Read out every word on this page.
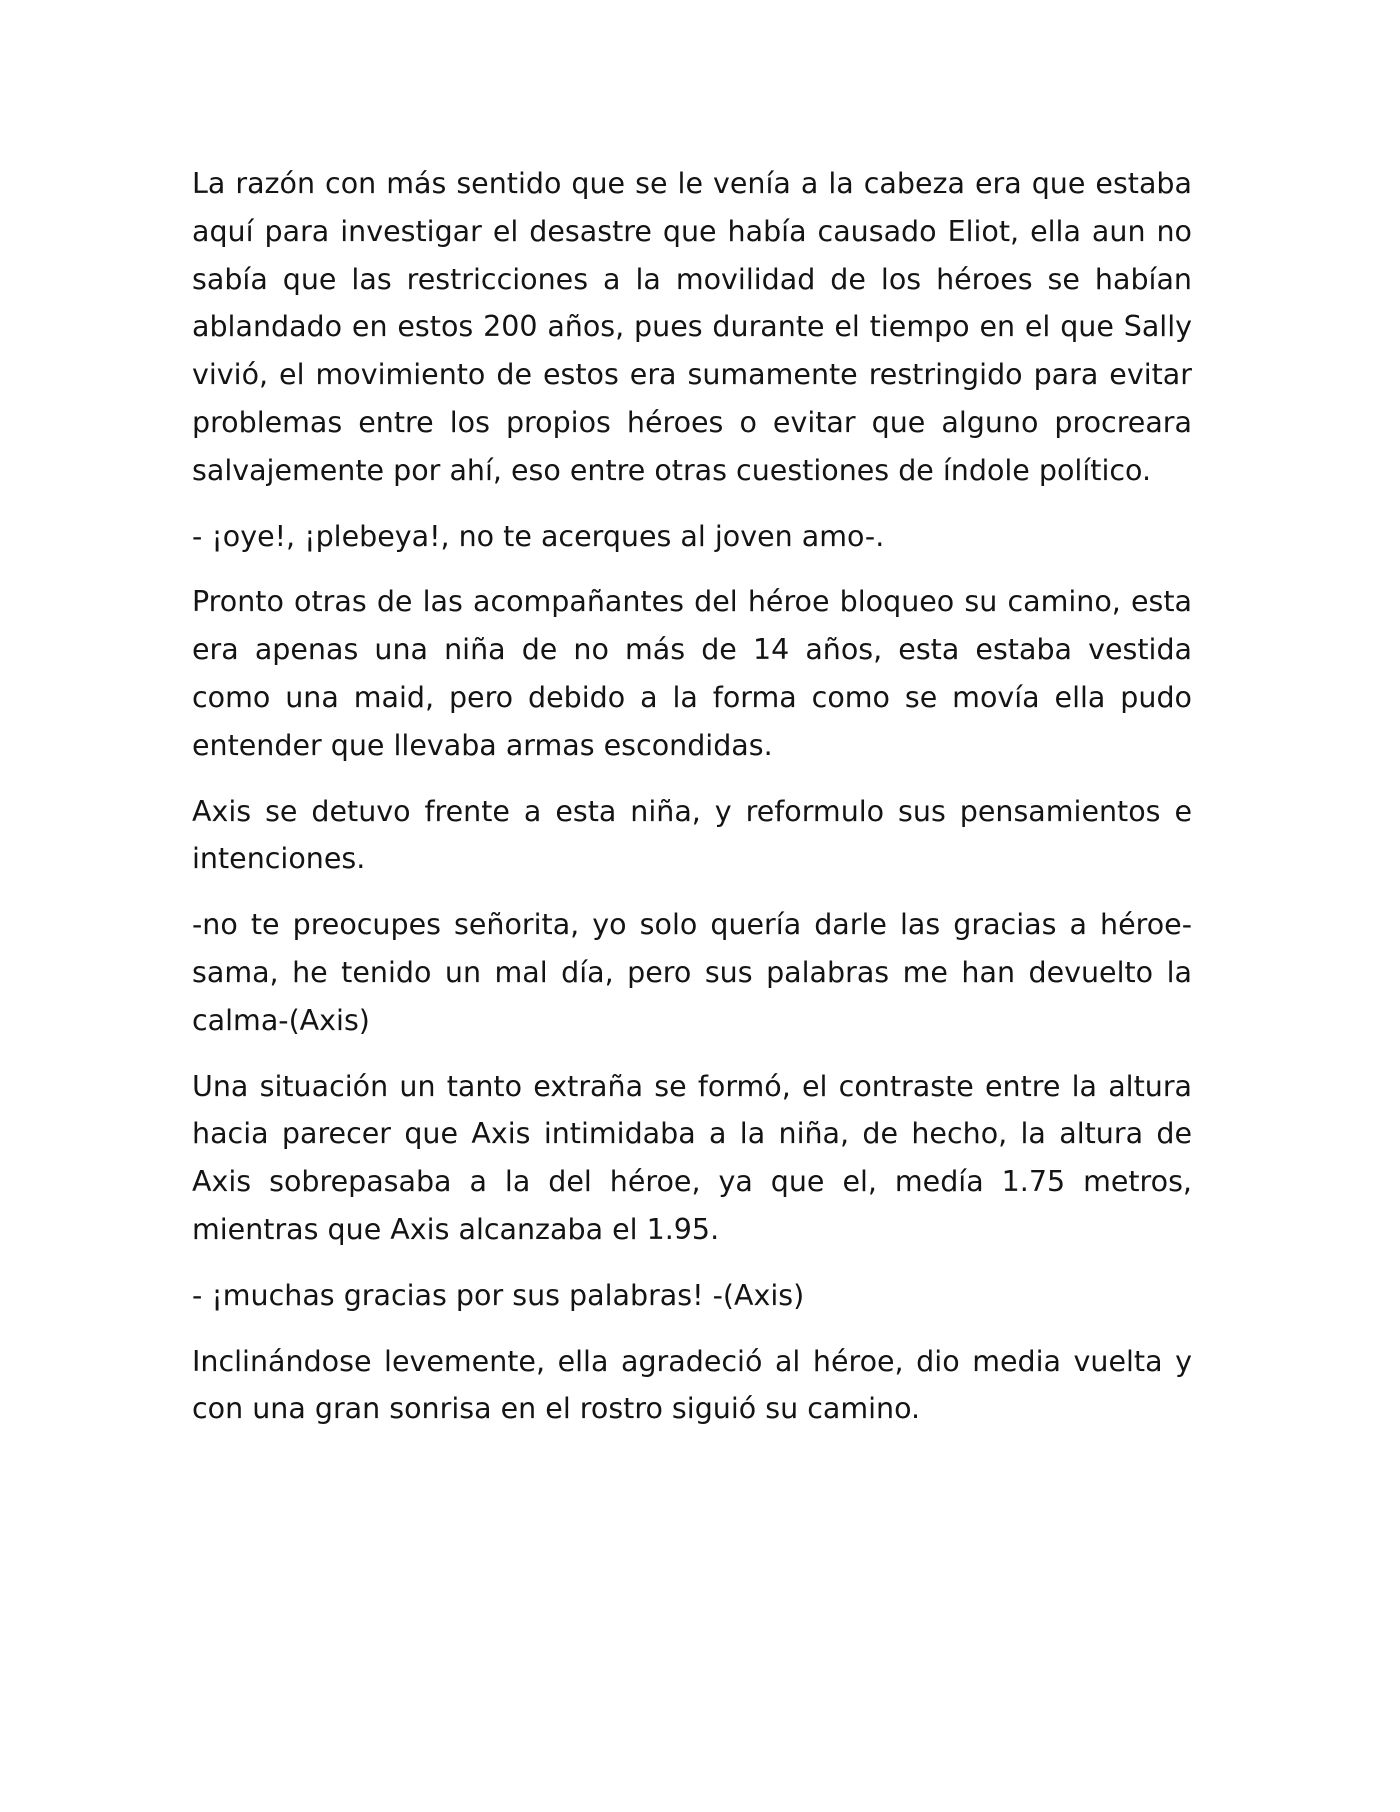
La razón con más sentido que se le venía a la cabeza era que estaba aquí para investigar el desastre que había causado Eliot, ella aun no sabía que las restricciones a la movilidad de los héroes se habían ablandado en estos 200 años, pues durante el tiempo en el que Sally vivió, el movimiento de estos era sumamente restringido para evitar problemas entre los propios héroes o evitar que alguno procreara salvajemente por ahí, eso entre otras cuestiones de índole político.

- ¡oye!, ¡plebeya!, no te acerques al joven amo-.

Pronto otras de las acompañantes del héroe bloqueo su camino, esta era apenas una niña de no más de 14 años, esta estaba vestida como una maid, pero debido a la forma como se movía ella pudo entender que llevaba armas escondidas.

Axis se detuvo frente a esta niña, y reformulo sus pensamientos e intenciones.

-no te preocupes señorita, yo solo quería darle las gracias a héroe-sama, he tenido un mal día, pero sus palabras me han devuelto la calma-(Axis)

Una situación un tanto extraña se formó, el contraste entre la altura hacia parecer que Axis intimidaba a la niña, de hecho, la altura de Axis sobrepasaba a la del héroe, ya que el, medía 1.75 metros, mientras que Axis alcanzaba el 1.95.

- ¡muchas gracias por sus palabras! -(Axis)

Inclinándose levemente, ella agradeció al héroe, dio media vuelta y con una gran sonrisa en el rostro siguió su camino.
